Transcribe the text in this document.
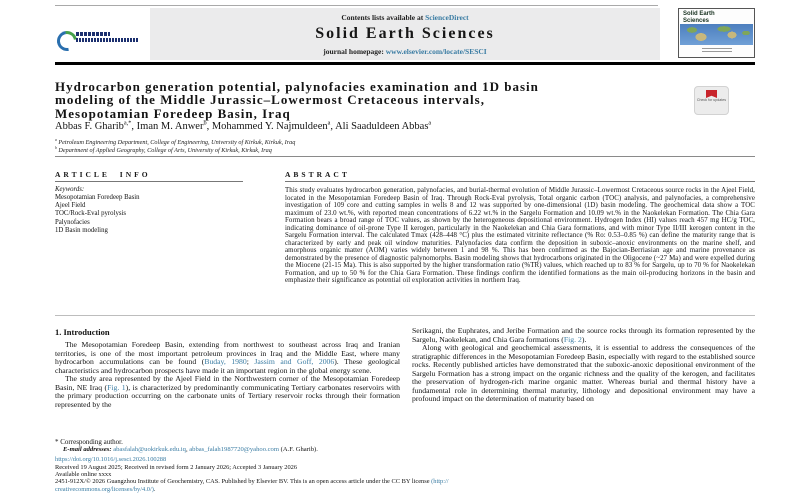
Contents lists available at ScienceDirect
Solid Earth Sciences
journal homepage: www.elsevier.com/locate/SESCI
Solid Earth Sciences
Hydrocarbon generation potential, palynofacies examination and 1D basin
modeling of the Middle Jurassic–Lowermost Cretaceous intervals,
Mesopotamian Foredeep Basin, Iraq
Check for updates
Abbas F. Gharib$^{a,*}$, Iman M. Anwer$^b$, Mohammed Y. Najmuldeen$^a$, Ali Saaduldeen Abbas$^a$
$^a$ Petroleum Engineering Department, College of Engineering, University of Kirkuk, Kirkuk, Iraq
$^b$ Department of Applied Geography, College of Arts, University of Kirkuk, Kirkuk, Iraq
ARTICLE INFO
Keywords:
Mesopotamian Foredeep Basin
Ajeel Field
TOC/Rock-Eval pyrolysis
Palynofacies
1D Basin modeling
ABSTRACT
This study evaluates hydrocarbon generation, palynofacies, and burial-thermal evolution of Middle Jurassic–Lowermost Cretaceous source rocks in the Ajeel Field, located in the Mesopotamian Foredeep Basin of Iraq. Through Rock-Eval pyrolysis, Total organic carbon (TOC) analysis, and palynofacies, a comprehensive investigation of 109 core and cutting samples in wells 8 and 12 was supported by one-dimensional (1D) basin modeling. The geochemical data show a TOC maximum of 23.0 wt.%, with reported mean concentrations of 6.22 wt.% in the Sargelu Formation and 10.09 wt.% in the Naokelekan Formation. The Chia Gara Formation bears a broad range of TOC values, as shown by the heterogeneous depositional environment. Hydrogen Index (HI) values reach 457 mg HC/g TOC, indicating dominance of oil-prone Type II kerogen, particularly in the Naokelekan and Chia Gara formations, and with minor Type II/III kerogen content in the Sargelu Formation interval. The calculated Tmax (428–448 °C) plus the estimated vitrinite reflectance (% Ro: 0.53–0.85 %) can define the maturity range that is characterized by early and peak oil window maturities. Palynofacies data confirm the deposition in suboxic–anoxic environments on the marine shelf, and amorphous organic matter (AOM) varies widely between 1 and 98 %. This has been confirmed as the Bajocian-Berriasian age and marine provenance as demonstrated by the presence of diagnostic palynomorphs. Basin modeling shows that hydrocarbons originated in the Oligocene (~27 Ma) and were expelled during the Miocene (21-15 Ma). This is also supported by the higher transformation ratio (%TR) values, which reached up to 83 % for Sargelu, up to 70 % for Naokelekan Formation, and up to 50 % for the Chia Gara Formation. These findings confirm the identified formations as the main oil-producing horizons in the basin and emphasize their significance as potential oil exploration activities in northern Iraq.
1. Introduction

The Mesopotamian Foredeep Basin, extending from northwest to southeast across Iraq and Iranian territories, is one of the most important petroleum provinces in Iraq and the Middle East, where many hydrocarbon accumulations can be found (Buday, 1980; Jassim and Goff, 2006). These geological characteristics and hydrocarbon prospects have made it an important region in the global energy scene.

The study area represented by the Ajeel Field in the Northwestern corner of the Mesopotamian Foredeep Basin, NE Iraq (Fig. 1), is characterized by predominantly communicating Tertiary carbonates reservoirs with the primary production occurring on the carbonate units of Tertiary reservoir rocks through their formation represented by the

Serikagni, the Euphrates, and Jeribe Formation and the source rocks through its formation represented by the Sargelu, Naokelekan, and Chia Gara formations (Fig. 2).

Along with geological and geochemical assessments, it is essential to address the consequences of the stratigraphic differences in the Mesopotamian Foredeep Basin, especially with regard to the established source rocks. Recently published articles have demonstrated that the suboxic-anoxic depositional environment of the Sargelu Formation has a strong impact on the organic richness and the quality of the kerogen, and facilitates the preservation of hydrogen-rich marine organic matter. Whereas burial and thermal history have a fundamental role in determining thermal maturity, lithology and depositional environment may have a profound impact on the determination of maturity based on

* Corresponding author.
E-mail addresses: abasfalah@uokirkuk.edu.iq, abbas_falah1987720@yahoo.com (A.F. Gharib).
https://doi.org/10.1016/j.sesci.2026.100288
Received 19 August 2025; Received in revised form 2 January 2026; Accepted 3 January 2026
Available online xxxx
2451-912X/© 2026 Guangzhou Institute of Geochemistry, CAS. Published by Elsevier BV. This is an open access article under the CC BY license (http://
creativecommons.org/licenses/by/4.0/).
